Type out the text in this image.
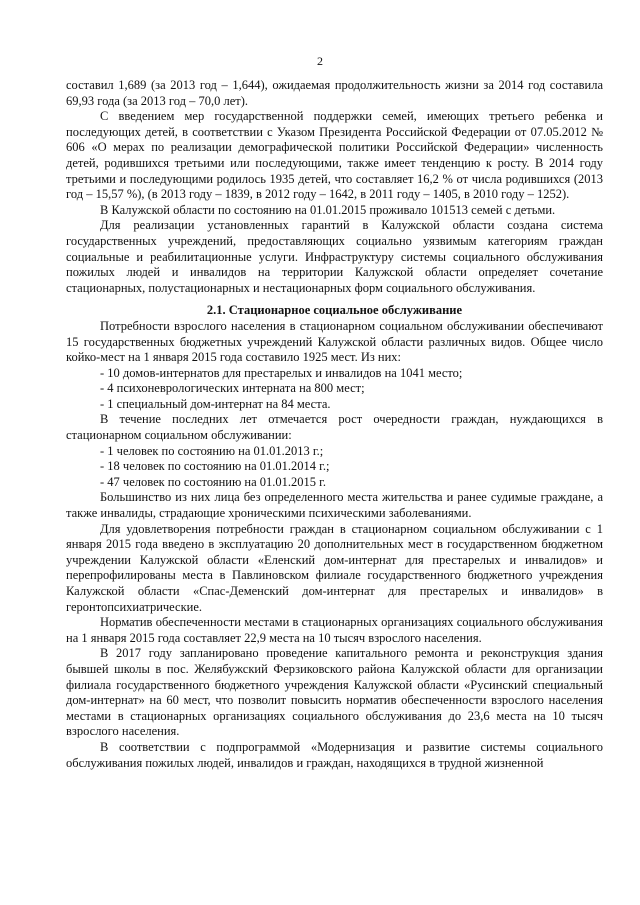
2

составил 1,689 (за 2013 год – 1,644), ожидаемая продолжительность жизни за 2014 год составила 69,93 года (за 2013 год – 70,0 лет).

С введением мер государственной поддержки семей, имеющих третьего ребенка и последующих детей, в соответствии с Указом Президента Российской Федерации от 07.05.2012 № 606 «О мерах по реализации демографической политики Российской Федерации» численность детей, родившихся третьими или последующими, также имеет тенденцию к росту. В 2014 году третьими и последующими родилось 1935 детей, что составляет 16,2 % от числа родившихся (2013 год – 15,57 %), (в 2013 году – 1839, в 2012 году – 1642, в 2011 году – 1405, в 2010 году – 1252).

В Калужской области по состоянию на 01.01.2015 проживало 101513 семей с детьми.

Для реализации установленных гарантий в Калужской области создана система государственных учреждений, предоставляющих социально уязвимым категориям граждан социальные и реабилитационные услуги. Инфраструктуру системы социального обслуживания пожилых людей и инвалидов на территории Калужской области определяет сочетание стационарных, полустационарных и нестационарных форм социального обслуживания.

2.1. Стационарное социальное обслуживание

Потребности взрослого населения в стационарном социальном обслуживании обеспечивают 15 государственных бюджетных учреждений Калужской области различных видов. Общее число койко-мест на 1 января 2015 года составило 1925 мест. Из них:

- 10 домов-интернатов для престарелых и инвалидов на 1041 место;

- 4 психоневрологических интерната на 800 мест;

- 1 специальный дом-интернат на 84 места.

В течение последних лет отмечается рост очередности граждан, нуждающихся в стационарном социальном обслуживании:

- 1 человек по состоянию на 01.01.2013 г.;

- 18 человек по состоянию на 01.01.2014 г.;

- 47 человек по состоянию на 01.01.2015 г.

Большинство из них лица без определенного места жительства и ранее судимые граждане, а также инвалиды, страдающие хроническими психическими заболеваниями.

Для удовлетворения потребности граждан в стационарном социальном обслуживании с 1 января 2015 года введено в эксплуатацию 20 дополнительных мест в государственном бюджетном учреждении Калужской области «Еленский дом-интернат для престарелых и инвалидов» и перепрофилированы места в Павлиновском филиале государственного бюджетного учреждения Калужской области «Спас-Деменский дом-интернат для престарелых и инвалидов» в геронтопсихиатрические.

Норматив обеспеченности местами в стационарных организациях социального обслуживания на 1 января 2015 года составляет 22,9 места на 10 тысяч взрослого населения.

В 2017 году запланировано проведение капитального ремонта и реконструкция здания бывшей школы в пос. Желябужский Ферзиковского района Калужской области для организации филиала государственного бюджетного учреждения Калужской области «Русинский специальный дом-интернат» на 60 мест, что позволит повысить норматив обеспеченности взрослого населения местами в стационарных организациях социального обслуживания до 23,6 места на 10 тысяч взрослого населения.

В соответствии с подпрограммой «Модернизация и развитие системы социального обслуживания пожилых людей, инвалидов и граждан, находящихся в трудной жизненной
